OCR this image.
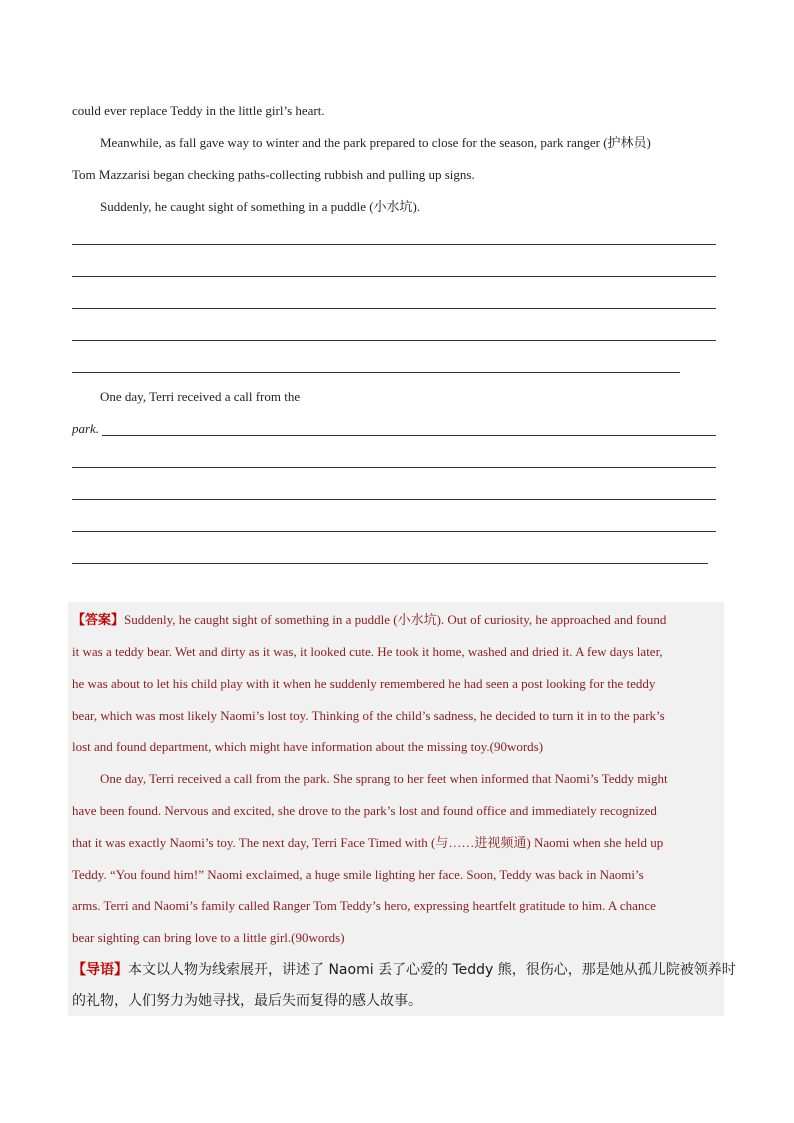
could ever replace Teddy in the little girl’s heart.
Meanwhile, as fall gave way to winter and the park prepared to close for the season, park ranger (护林员)
Tom Mazzarisi began checking paths-collecting rubbish and pulling up signs.
Suddenly, he caught sight of something in a puddle (小水坑).
One day, Terri received a call from the
park.
【答案】Suddenly, he caught sight of something in a puddle (小水坑). Out of curiosity, he approached and found
it was a teddy bear. Wet and dirty as it was, it looked cute. He took it home, washed and dried it. A few days later,
he was about to let his child play with it when he suddenly remembered he had seen a post looking for the teddy
bear, which was most likely Naomi’s lost toy. Thinking of the child’s sadness, he decided to turn it in to the park’s
lost and found department, which might have information about the missing toy.(90words)
One day, Terri received a call from the park. She sprang to her feet when informed that Naomi’s Teddy might
have been found. Nervous and excited, she drove to the park’s lost and found office and immediately recognized
that it was exactly Naomi’s toy. The next day, Terri Face Timed with (与……进视频通) Naomi when she held up
Teddy. “You found him!” Naomi exclaimed, a huge smile lighting her face. Soon, Teddy was back in Naomi’s
arms. Terri and Naomi’s family called Ranger Tom Teddy’s hero, expressing heartfelt gratitude to him. A chance
bear sighting can bring love to a little girl.(90words)
【导语】本文以人物为线索展开，讲述了 Naomi 丢了心爱的 Teddy 熊，很伤心，那是她从孤儿院被领养时
的礼物，人们努力为她寻找，最后失而复得的感人故事。
